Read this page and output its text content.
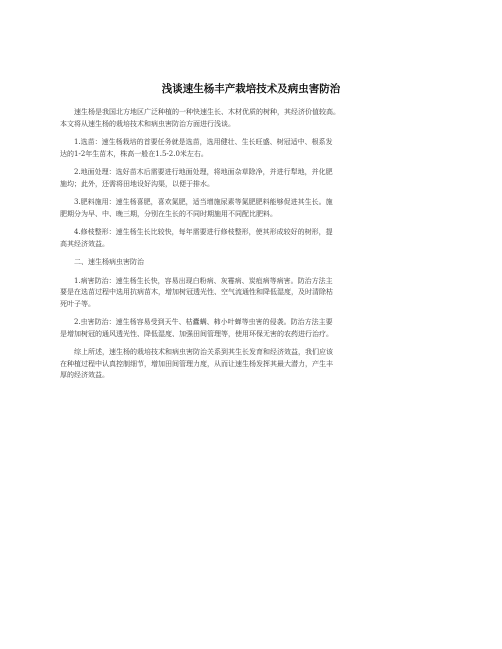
浅谈速生杨丰产栽培技术及病虫害防治

速生杨是我国北方地区广泛种植的一种快速生长、木材优质的树种，其经济价值较高。
本文将从速生杨的栽培技术和病虫害防治方面进行浅谈。

1.选苗：速生杨栽培的首要任务就是选苗，选用健壮、生长旺盛、树冠适中、根系发
达的1-2年生苗木，株高一般在1.5-2.0米左右。

2.地面处理：选好苗木后需要进行地面处理，将地面杂草除净，并进行犁地，并化肥
施均；此外，还需将田地设好沟渠，以便于排水。

3.肥料施用：速生杨喜肥，喜欢氮肥，适当增施尿素等氮肥肥料能够促进其生长。施
肥期分为早、中、晚三期，分别在生长的不同时期施用不同配比肥料。

4.修枝整形：速生杨生长比较快，每年需要进行修枝整形，使其形成较好的树形，提
高其经济效益。

二、速生杨病虫害防治

1.病害防治：速生杨生长快，容易出现白粉病、灰霉病、炭疽病等病害。防治方法主
要是在选苗过程中选用抗病苗木，增加树冠透光性、空气流通性和降低湿度，及时清除枯
死叶子等。

2.虫害防治：速生杨容易受到天牛、枯蠹螨、柿小叶蝉等虫害的侵袭。防治方法主要
是增加树冠的通风透光性、降低湿度、加强田间管理等，使用环保无害的农药进行治疗。

综上所述，速生杨的栽培技术和病虫害防治关系到其生长发育和经济效益，我们应该
在种植过程中认真控制细节，增加田间管理力度，从而让速生杨发挥其最大潜力，产生丰
厚的经济效益。
